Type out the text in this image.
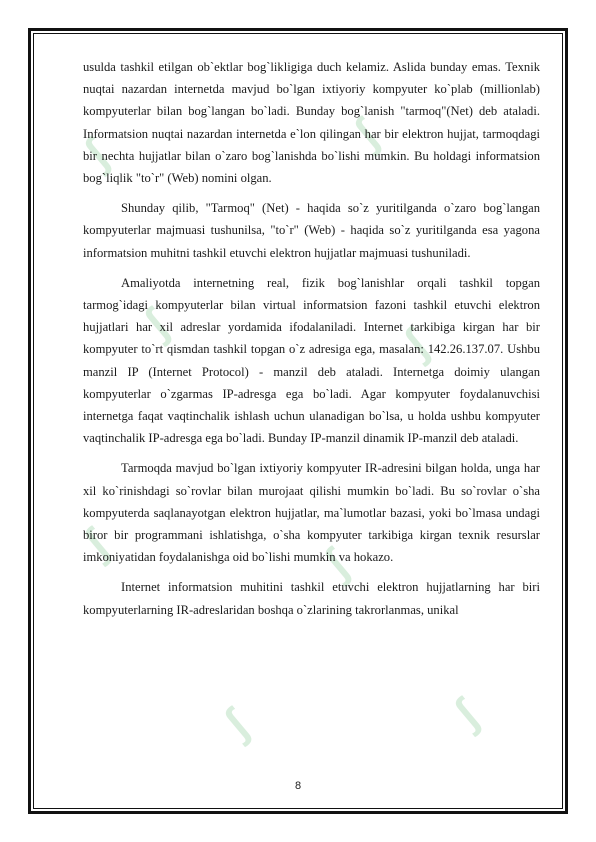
ʃ	ʃ
ʃ	ʃ
ʃ	ʃ
ʃ
ʃ

usulda tashkil etilgan ob`ektlar bog`likligiga duch kelamiz. Aslida bunday emas. Texnik nuqtai nazardan internetda mavjud bo`lgan ixtiyoriy kompyuter ko`plab (millionlab) kompyuterlar bilan bog`langan bo`ladi. Bunday bog`lanish "tarmoq"(Net) deb ataladi. Informatsion nuqtai nazardan internetda e`lon qilingan har bir elektron hujjat, tarmoqdagi bir nechta hujjatlar bilan o`zaro bog`lanishda bo`lishi mumkin. Bu holdagi informatsion bog`liqlik "to`r" (Web) nomini olgan.

Shunday qilib, "Tarmoq" (Net) - haqida so`z yuritilganda o`zaro bog`langan kompyuterlar majmuasi tushunilsa, "to`r" (Web) - haqida so`z yuritilganda esa yagona informatsion muhitni tashkil etuvchi elektron hujjatlar majmuasi tushuniladi.

Amaliyotda internetning real, fizik bog`lanishlar orqali tashkil topgan tarmog`idagi kompyuterlar bilan virtual informatsion fazoni tashkil etuvchi elektron hujjatlari har xil adreslar yordamida ifodalaniladi. Internet tarkibiga kirgan har bir kompyuter to`rt qismdan tashkil topgan o`z adresiga ega, masalan: 142.26.137.07. Ushbu manzil IP (Internet Protocol) - manzil deb ataladi. Internetga doimiy ulangan kompyuterlar o`zgarmas IP-adresga ega bo`ladi. Agar kompyuter foydalanuvchisi internetga faqat vaqtinchalik ishlash uchun ulanadigan bo`lsa, u holda ushbu kompyuter vaqtinchalik IP-adresga ega bo`ladi. Bunday IP-manzil dinamik IP-manzil deb ataladi.

Tarmoqda mavjud bo`lgan ixtiyoriy kompyuter IR-adresini bilgan holda, unga har xil ko`rinishdagi so`rovlar bilan murojaat qilishi mumkin bo`ladi. Bu so`rovlar o`sha kompyuterda saqlanayotgan elektron hujjatlar, ma`lumotlar bazasi, yoki bo`lmasa undagi biror bir programmani ishlatishga, o`sha kompyuter tarkibiga kirgan texnik resurslar imkoniyatidan foydalanishga oid bo`lishi mumkin va hokazo.

Internet informatsion muhitini tashkil etuvchi elektron hujjatlarning har biri kompyuterlarning IR-adreslaridan boshqa o`zlarining takrorlanmas, unikal

8
